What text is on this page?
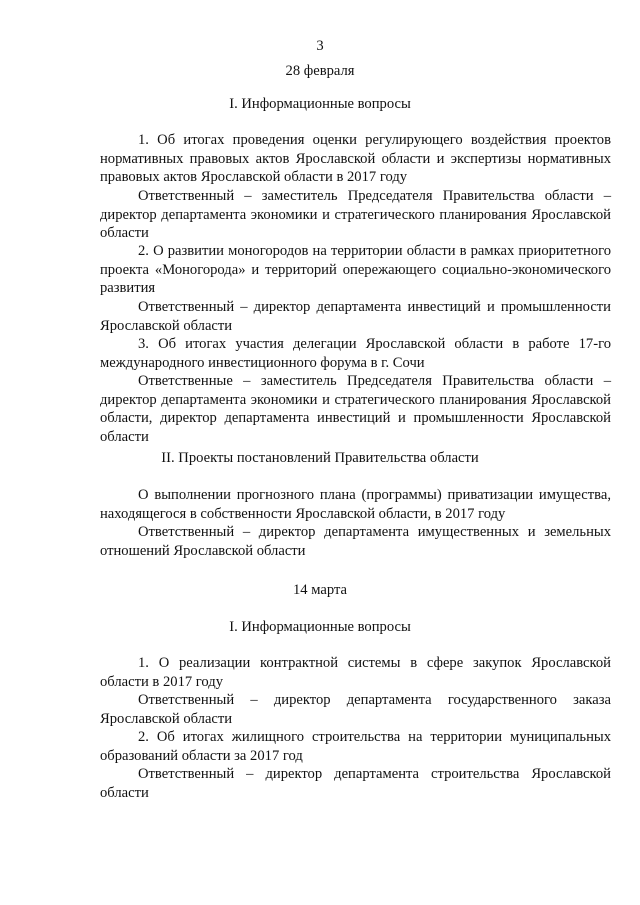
3
28 февраля
I. Информационные вопросы
1. Об итогах проведения оценки регулирующего воздействия проектов нормативных правовых актов Ярославской области и экспертизы нормативных правовых актов Ярославской области в 2017 году
Ответственный – заместитель Председателя Правительства области – директор департамента экономики и стратегического планирования Ярославской области
2. О развитии моногородов на территории области в рамках приоритетного проекта «Моногорода» и территорий опережающего социально-экономического развития
Ответственный – директор департамента инвестиций и промышленности Ярославской области
3. Об итогах участия делегации Ярославской области в работе 17-го международного инвестиционного форума в г. Сочи
Ответственные – заместитель Председателя Правительства области – директор департамента экономики и стратегического планирования Ярославской области, директор департамента инвестиций и промышленности Ярославской области
II. Проекты постановлений Правительства области
О выполнении прогнозного плана (программы) приватизации имущества, находящегося в собственности Ярославской области, в 2017 году
Ответственный – директор департамента имущественных и земельных отношений Ярославской области
14 марта
I. Информационные вопросы
1. О реализации контрактной системы в сфере закупок Ярославской области в 2017 году
Ответственный – директор департамента государственного заказа Ярославской области
2. Об итогах жилищного строительства на территории муниципальных образований области за 2017 год
Ответственный – директор департамента строительства Ярославской области
